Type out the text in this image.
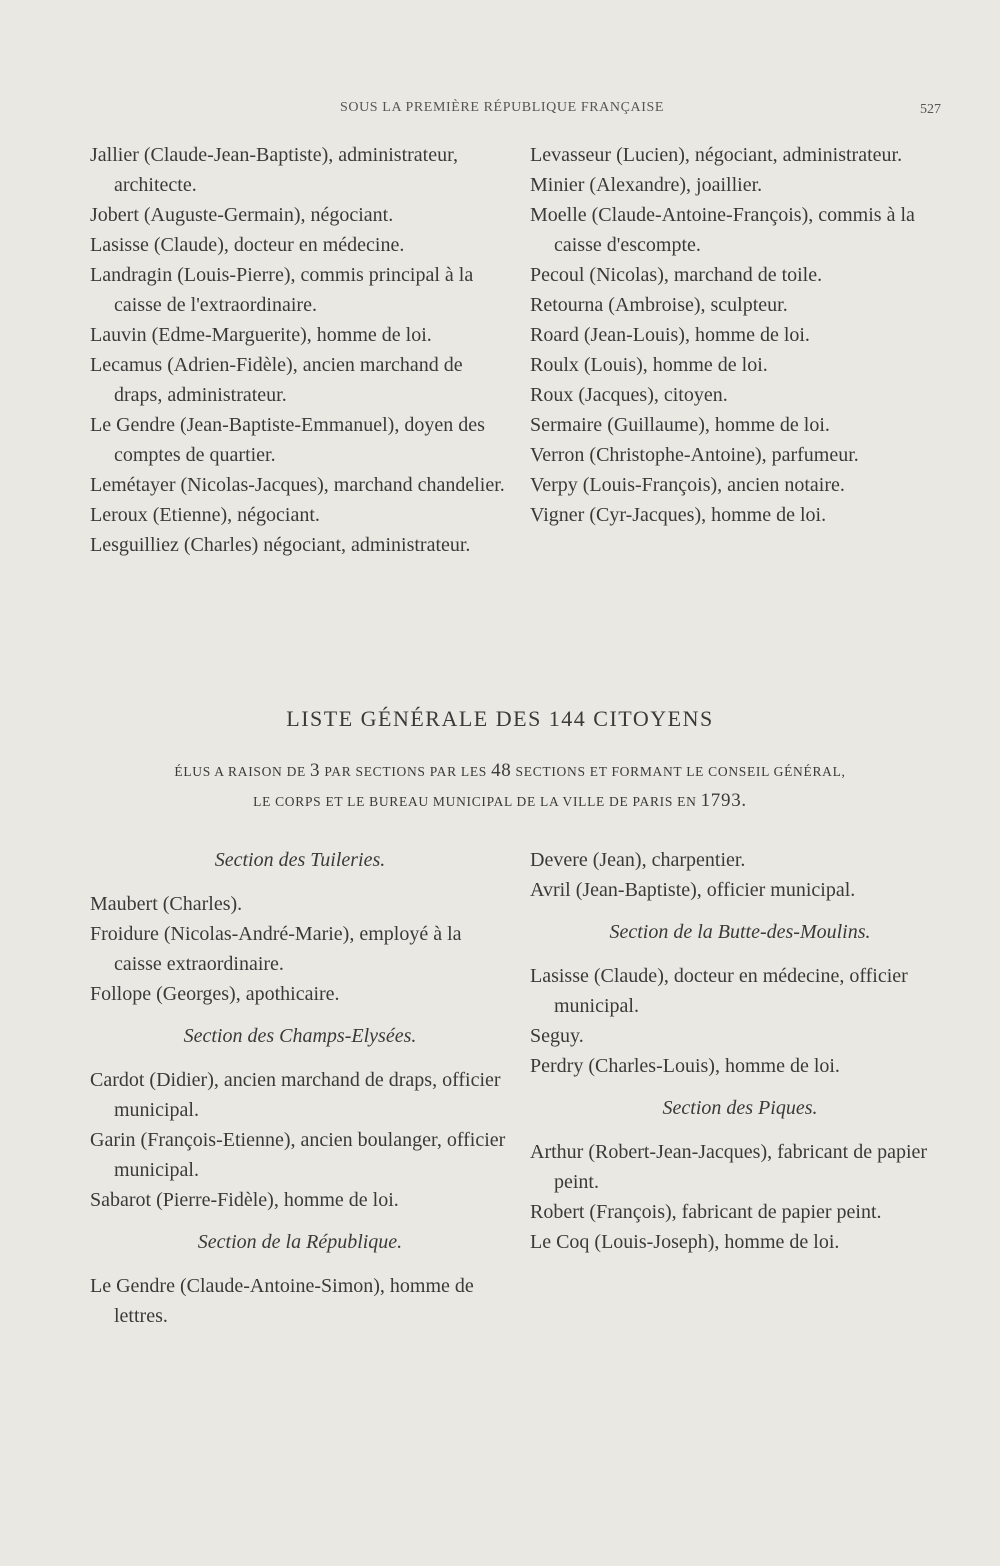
SOUS LA PREMIÈRE RÉPUBLIQUE FRANÇAISE	527

Jallier (Claude-Jean-Baptiste), administrateur, architecte.

Jobert (Auguste-Germain), négociant.

Lasisse (Claude), docteur en médecine.

Landragin (Louis-Pierre), commis principal à la caisse de l'extraordinaire.

Lauvin (Edme-Marguerite), homme de loi.

Lecamus (Adrien-Fidèle), ancien marchand de draps, administrateur.

Le Gendre (Jean-Baptiste-Emmanuel), doyen des comptes de quartier.

Lemétayer (Nicolas-Jacques), marchand chandelier.

Leroux (Etienne), négociant.

Lesguilliez (Charles) négociant, administrateur.

Levasseur (Lucien), négociant, administrateur.

Minier (Alexandre), joaillier.

Moelle (Claude-Antoine-François), commis à la caisse d'escompte.

Pecoul (Nicolas), marchand de toile.

Retourna (Ambroise), sculpteur.

Roard (Jean-Louis), homme de loi.

Roulx (Louis), homme de loi.

Roux (Jacques), citoyen.

Sermaire (Guillaume), homme de loi.

Verron (Christophe-Antoine), parfumeur.

Verpy (Louis-François), ancien notaire.

Vigner (Cyr-Jacques), homme de loi.

LISTE GÉNÉRALE DES 144 CITOYENS
ÉLUS A RAISON DE 3 PAR SECTIONS PAR LES 48 SECTIONS ET FORMANT LE CONSEIL GÉNÉRAL,
LE CORPS ET LE BUREAU MUNICIPAL DE LA VILLE DE PARIS EN 1793.

Section des Tuileries.

Maubert (Charles).

Froidure (Nicolas-André-Marie), employé à la caisse extraordinaire.

Follope (Georges), apothicaire.

Section des Champs-Elysées.

Cardot (Didier), ancien marchand de draps, officier municipal.

Garin (François-Etienne), ancien boulanger, officier municipal.

Sabarot (Pierre-Fidèle), homme de loi.

Section de la République.

Le Gendre (Claude-Antoine-Simon), homme de lettres.

Devere (Jean), charpentier.

Avril (Jean-Baptiste), officier municipal.

Section de la Butte-des-Moulins.

Lasisse (Claude), docteur en médecine, officier municipal.

Seguy.

Perdry (Charles-Louis), homme de loi.

Section des Piques.

Arthur (Robert-Jean-Jacques), fabricant de papier peint.

Robert (François), fabricant de papier peint.

Le Coq (Louis-Joseph), homme de loi.
